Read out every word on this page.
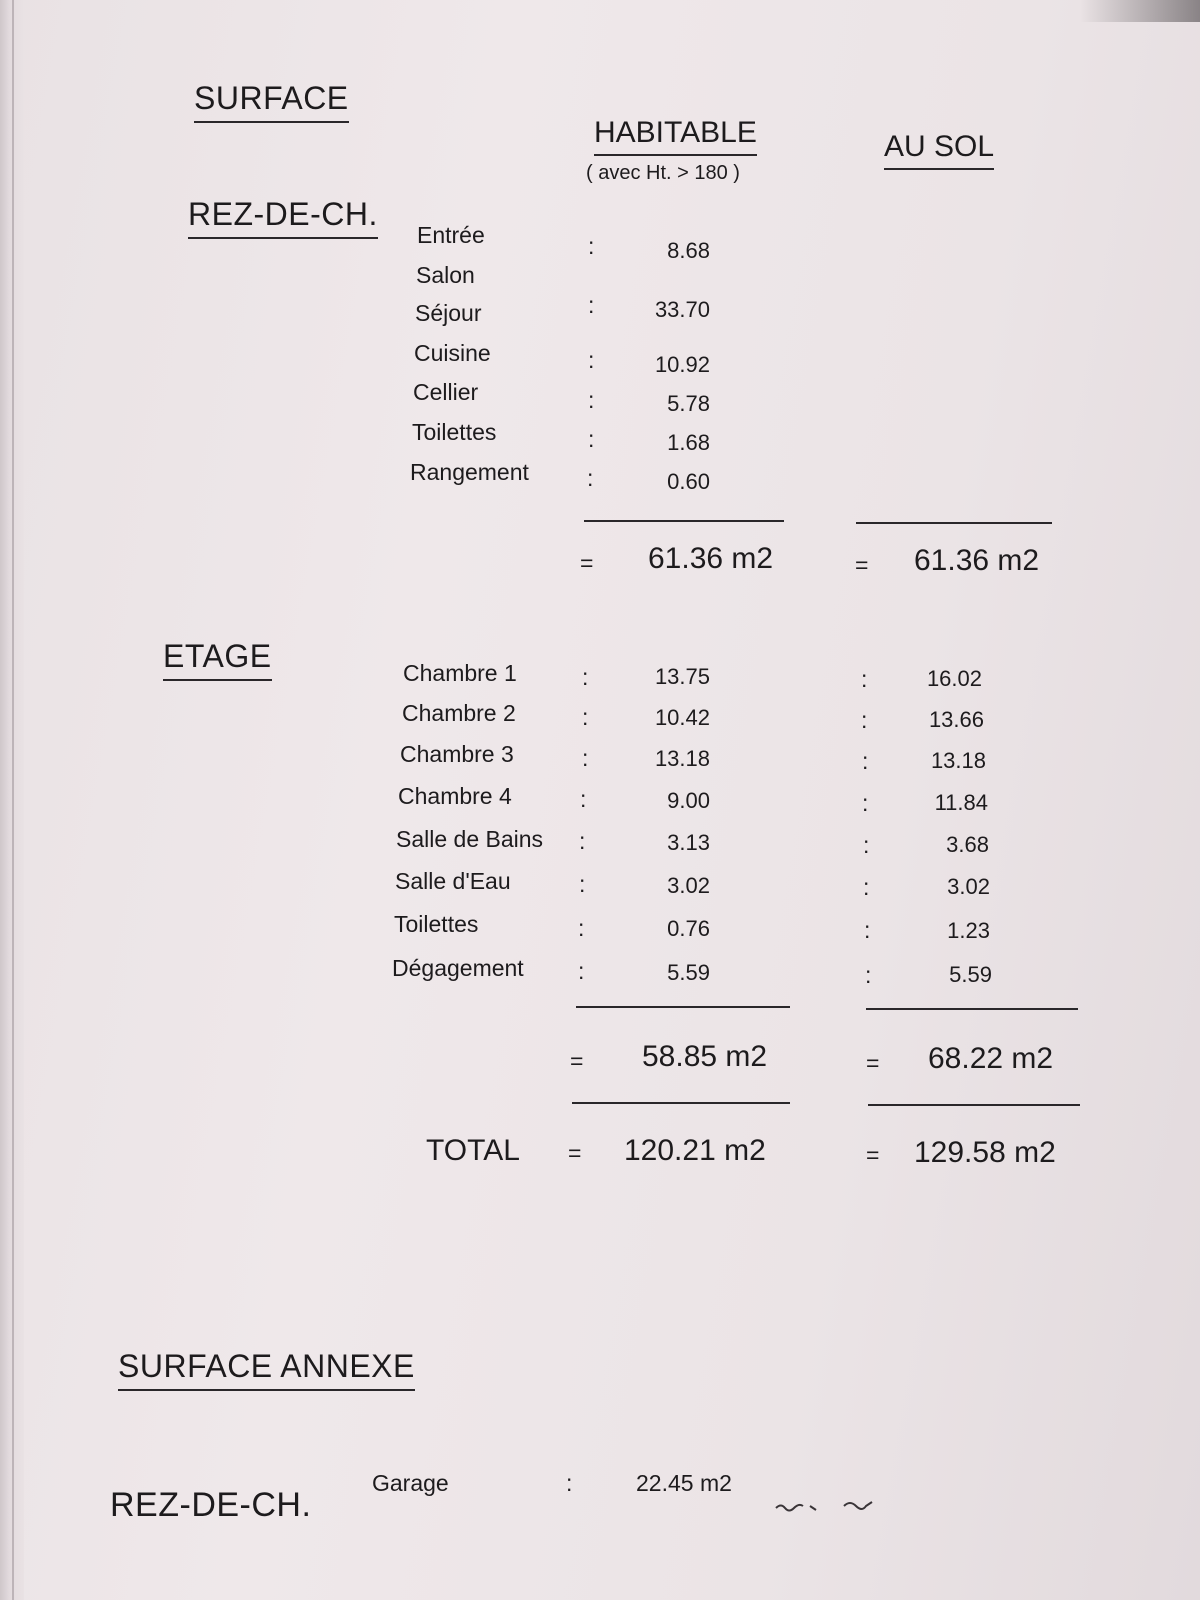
SURFACE
HABITABLE
( avec Ht. > 180 )
AU SOL
REZ-DE-CH.
Entrée	:	8.68
Salon
Séjour	:	33.70
Cuisine	:	10.92
Cellier	:	5.78
Toilettes	:	1.68
Rangement	:	0.60
= 61.36 m2	= 61.36 m2
ETAGE	Chambre 1	:	13.75	:	16.02
Chambre 2	:	10.42	:	13.66
Chambre 3	:	13.18	:	13.18
Chambre 4	:	9.00	:	11.84
Salle de Bains :	3.13	:	3.68
Salle d'Eau	:	3.02	:	3.02
Toilettes	:	0.76	:	1.23
Dégagement :	5.59	:	5.59
= 58.85 m2	= 68.22 m2
TOTAL = 120.21 m2	= 129.58 m2
SURFACE ANNEXE
REZ-DE-CH.
Garage	:	22.45 m2
